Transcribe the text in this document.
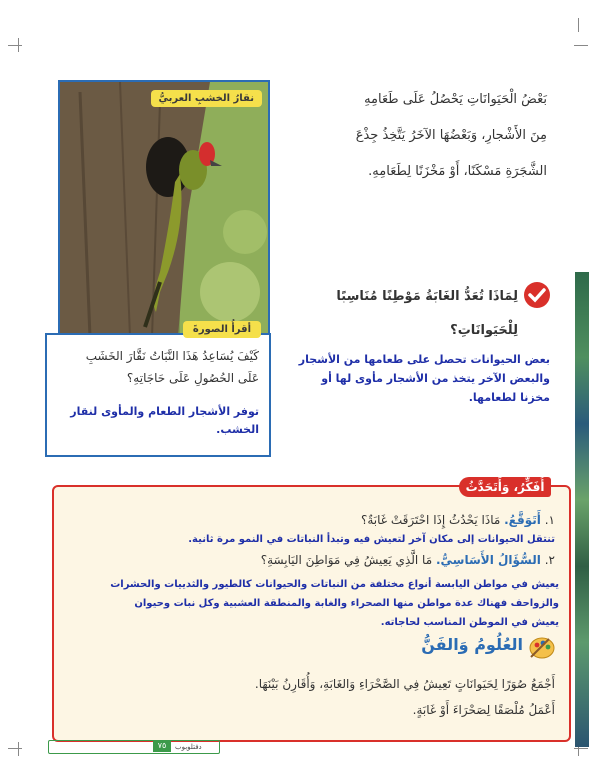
بَعْضُ الْحَيَوانَاتِ يَحْصُلُ عَلَى طَعَامِهِ
مِنَ الأَشْجارِ، وَبَعْضُهَا الآخَرُ يَتَّخِذُ جِذْعَ
الشَّجَرَةِ مَسْكَنًا، أَوْ مَخْزَنًا لِطَعَامِهِ.
نقارُ الخشبِ العربيُّ
أقرأُ الصورةَ
كَيْفَ يُسَاعِدُ هَذَا النَّبَاتُ نَقَّارَ الخَشَبِ
عَلَى الحُصُولِ عَلَى حَاجَاتِهِ؟
توفر الأشجار الطعام والمأوى لنقار
الخشب.
لِمَاذَا تُعَدُّ الغَابَةُ مَوْطِنًا مُنَاسِبًا
لِلْحَيَوانَاتِ؟
بعض الحيوانات تحصل على طعامها من الأشجار
والبعض الآخر يتخذ من الأشجار مأوى لها أو
مخزنا لطعامها.
أُفَكِّرُ، وَأَتَحَدَّثُ
١. أَتَوَقَّعُ. مَاذَا يَحْدُثُ إِذَا احْتَرَقَتْ غَابَةٌ؟
تنتقل الحيوانات إلى مكان آخر لتعيش فيه وتبدأ النباتات في النمو مرة ثانية.
٢. السُّؤَالُ الأَسَاسِيُّ. مَا الَّذِي يَعِيشُ فِي مَوَاطِنَ اليَابِسَةِ؟
يعيش في مواطن اليابسة أنواع مختلفة من النباتات والحيوانات كالطيور والثدييات والحشرات
والزواحف فهناك عدة مواطن منها الصحراء والغابة والمنطقة العشبية وكل نبات وحيوان
يعيش في الموطن المناسب لحاجاته.
العُلُومُ وَالفَنُّ
أَجْمَعُ صُوَرًا لِحَيَوانَاتٍ تَعِيشُ فِي الصَّحْرَاءِ وَالغَابَةِ، وَأُقَارِنُ بَيْنَهَا.
أَعْمَلُ مُلْصَقًا لِصَحْرَاءَ أَوْ غَابَةٍ.
٧٥	دفتلوبوب
